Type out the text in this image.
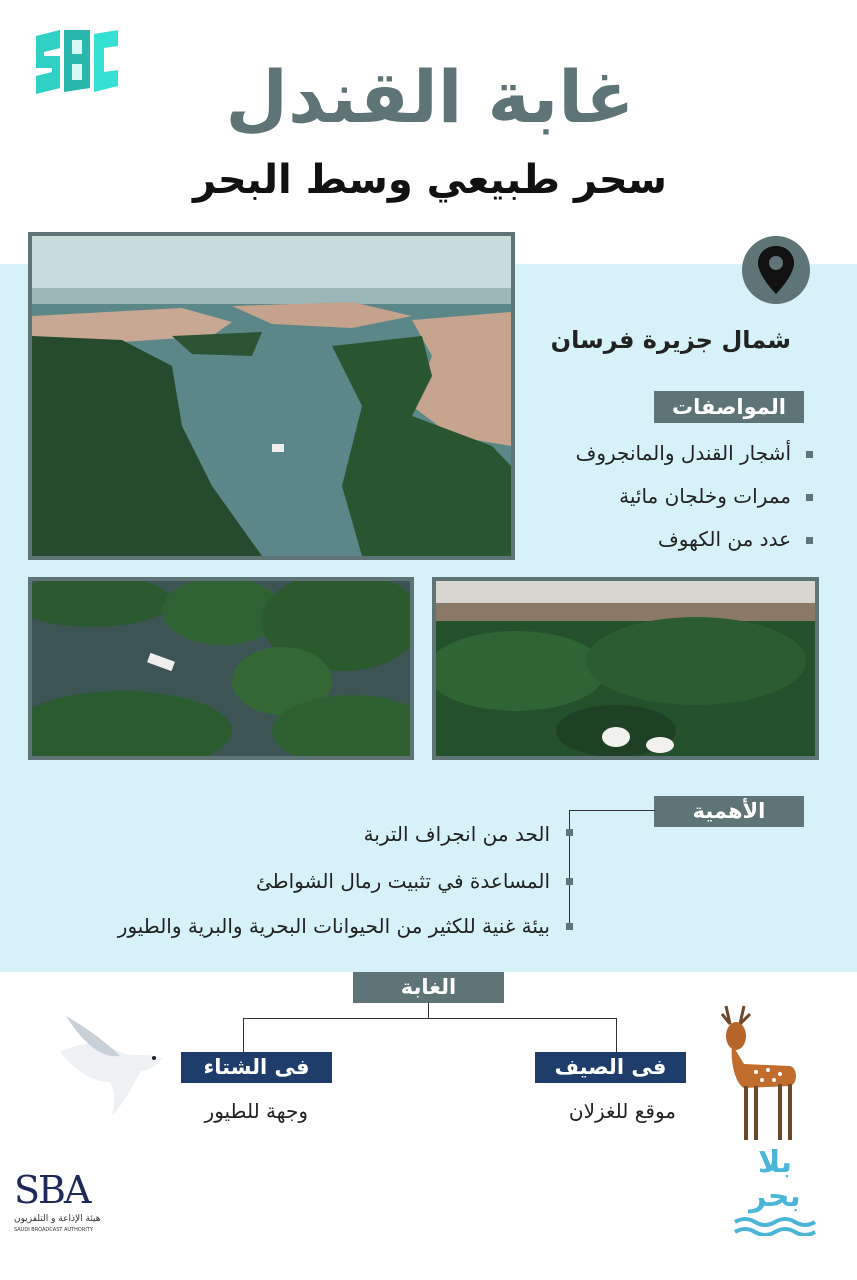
غابة القندل
سحر طبيعي وسط البحر
شمال جزيرة فرسان
المواصفات
أشجار القندل والمانجروف
ممرات وخلجان مائية
عدد من الكهوف
الأهمية
الحد من انجراف التربة
المساعدة في تثبيت رمال الشواطئ
بيئة غنية للكثير من الحيوانات البحرية والبرية والطيور
الغابة
فى الصيف
موقع للغزلان
فى الشتاء
وجهة للطيور
SBA
هيئة الإذاعة و التلفزيون
SAUDI BROADCAST AUTHORITY
بلا
بحر
